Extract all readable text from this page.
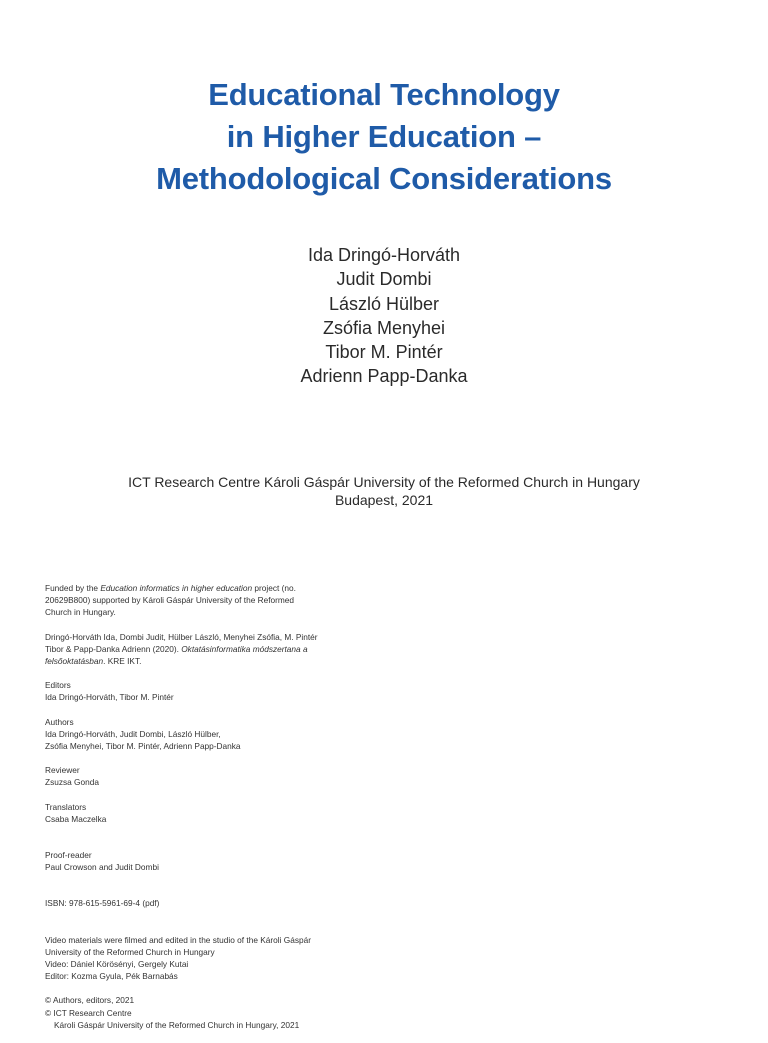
Educational Technology
in Higher Education –
Methodological Considerations
Ida Dringó-Horváth
Judit Dombi
László Hülber
Zsófia Menyhei
Tibor M. Pintér
Adrienn Papp-Danka
ICT Research Centre Károli Gáspár University of the Reformed Church in Hungary
Budapest, 2021
Funded by the Education informatics in higher education project (no.
20629B800) supported by Károli Gáspár University of the Reformed
Church in Hungary.
Dringó-Horváth Ida, Dombi Judit, Hülber László, Menyhei Zsófia, M. Pintér
Tibor & Papp-Danka Adrienn (2020). Oktatásinformatika módszertana a
felsőoktatásban. KRE IKT.
Editors
Ida Dringó-Horváth, Tibor M. Pintér
Authors
Ida Dringó-Horváth, Judit Dombi, László Hülber,
Zsófia Menyhei, Tibor M. Pintér, Adrienn Papp-Danka
Reviewer
Zsuzsa Gonda
Translators
Csaba Maczelka
Proof-reader
Paul Crowson and Judit Dombi
ISBN: 978-615-5961-69-4 (pdf)
Video materials were filmed and edited in the studio of the Károli Gáspár
University of the Reformed Church in Hungary
Video: Dániel Körösényi, Gergely Kutai
Editor: Kozma Gyula, Pék Barnabás
© Authors, editors, 2021
© ICT Research Centre
Károli Gáspár University of the Reformed Church in Hungary, 2021
